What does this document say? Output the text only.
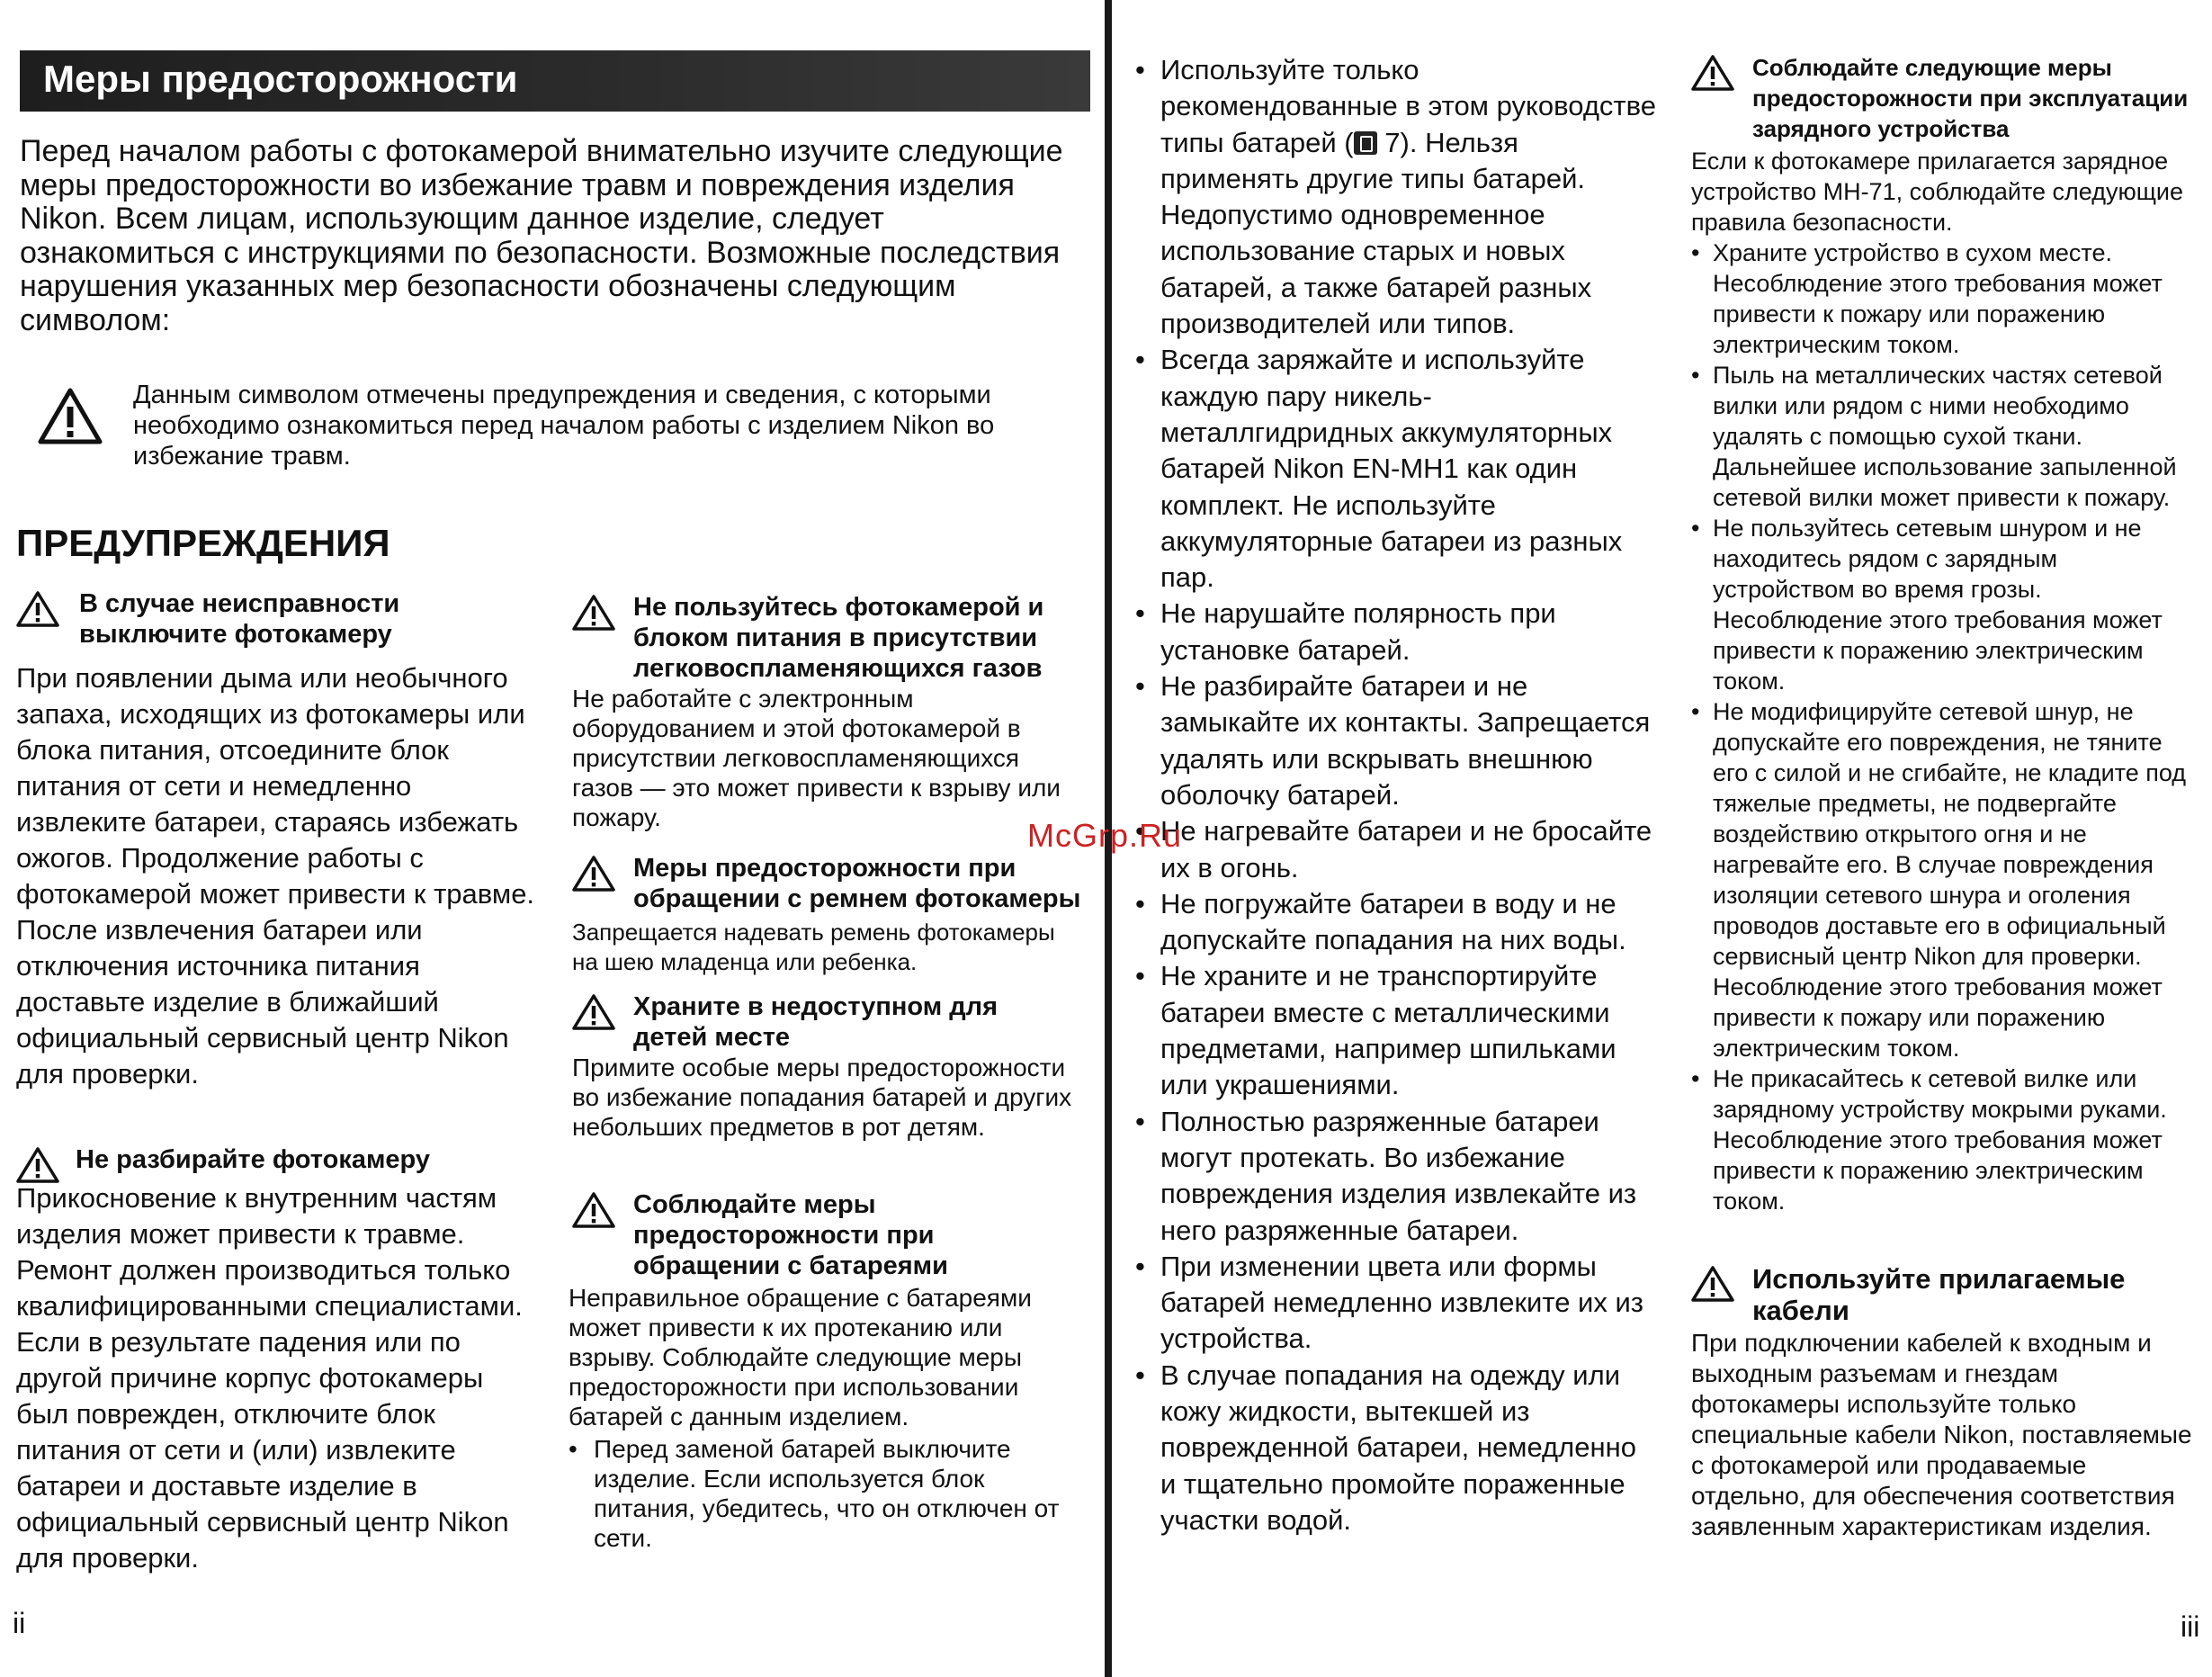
Меры предосторожности
Перед началом работы с фотокамерой внимательно изучите следующие меры предосторожности во избежание травм и повреждения изделия Nikon. Всем лицам, использующим данное изделие, следует ознакомиться с инструкциями по безопасности. Возможные последствия нарушения указанных мер безопасности обозначены следующим символом:
Данным символом отмечены предупреждения и сведения, с которыми необходимо ознакомиться перед началом работы с изделием Nikon во избежание травм.
ПРЕДУПРЕЖДЕНИЯ
В случае неисправности выключите фотокамеру
При появлении дыма или необычного запаха, исходящих из фотокамеры или блока питания, отсоедините блок питания от сети и немедленно извлеките батареи, стараясь избежать ожогов. Продолжение работы с фотокамерой может привести к травме. После извлечения батареи или отключения источника питания доставьте изделие в ближайший официальный сервисный центр Nikon для проверки.
Не разбирайте фотокамеру
Прикосновение к внутренним частям изделия может привести к травме. Ремонт должен производиться только квалифицированными специалистами. Если в результате падения или по другой причине корпус фотокамеры был поврежден, отключите блок питания от сети и (или) извлеките батареи и доставьте изделие в официальный сервисный центр Nikon для проверки.
ii
Не пользуйтесь фотокамерой и блоком питания в присутствии легковоспламеняющихся газов
Не работайте с электронным оборудованием и этой фотокамерой в присутствии легковоспламеняющихся газов — это может привести к взрыву или пожару.
Меры предосторожности при обращении с ремнем фотокамеры
Запрещается надевать ремень фотокамеры на шею младенца или ребенка.
Храните в недоступном для детей месте
Примите особые меры предосторожности во избежание попадания батарей и других небольших предметов в рот детям.
Соблюдайте меры предосторожности при обращении с батареями
Неправильное обращение с батареями может привести к их протеканию или взрыву. Соблюдайте следующие меры предосторожности при использовании батарей с данным изделием.
• Перед заменой батарей выключите изделие. Если используется блок питания, убедитесь, что он отключен от сети.
• Используйте только рекомендованные в этом руководстве типы батарей ( 7). Нельзя применять другие типы батарей. Недопустимо одновременное использование старых и новых батарей, а также батарей разных производителей или типов.
• Всегда заряжайте и используйте каждую пару никель-металлгидридных аккумуляторных батарей Nikon EN-MH1 как один комплект. Не используйте аккумуляторные батареи из разных пар.
• Не нарушайте полярность при установке батарей.
• Не разбирайте батареи и не замыкайте их контакты. Запрещается удалять или вскрывать внешнюю оболочку батарей.
• Не нагревайте батареи и не бросайте их в огонь.
• Не погружайте батареи в воду и не допускайте попадания на них воды.
• Не храните и не транспортируйте батареи вместе с металлическими предметами, например шпильками или украшениями.
• Полностью разряженные батареи могут протекать. Во избежание повреждения изделия извлекайте из него разряженные батареи.
• При изменении цвета или формы батарей немедленно извлеките их из устройства.
• В случае попадания на одежду или кожу жидкости, вытекшей из поврежденной батареи, немедленно и тщательно промойте пораженные участки водой.
Соблюдайте следующие меры предосторожности при эксплуатации зарядного устройства
Если к фотокамере прилагается зарядное устройство MH-71, соблюдайте следующие правила безопасности.
• Храните устройство в сухом месте. Несоблюдение этого требования может привести к пожару или поражению электрическим током.
• Пыль на металлических частях сетевой вилки или рядом с ними необходимо удалять с помощью сухой ткани. Дальнейшее использование запыленной сетевой вилки может привести к пожару.
• Не пользуйтесь сетевым шнуром и не находитесь рядом с зарядным устройством во время грозы. Несоблюдение этого требования может привести к поражению электрическим током.
• Не модифицируйте сетевой шнур, не допускайте его повреждения, не тяните его с силой и не сгибайте, не кладите под тяжелые предметы, не подвергайте воздействию открытого огня и не нагревайте его. В случае повреждения изоляции сетевого шнура и оголения проводов доставьте его в официальный сервисный центр Nikon для проверки. Несоблюдение этого требования может привести к пожару или поражению электрическим током.
• Не прикасайтесь к сетевой вилке или зарядному устройству мокрыми руками. Несоблюдение этого требования может привести к поражению электрическим током.
Используйте прилагаемые кабели
При подключении кабелей к входным и выходным разъемам и гнездам фотокамеры используйте только специальные кабели Nikon, поставляемые с фотокамерой или продаваемые отдельно, для обеспечения соответствия заявленным характеристикам изделия.
iii
McGrp.Ru
